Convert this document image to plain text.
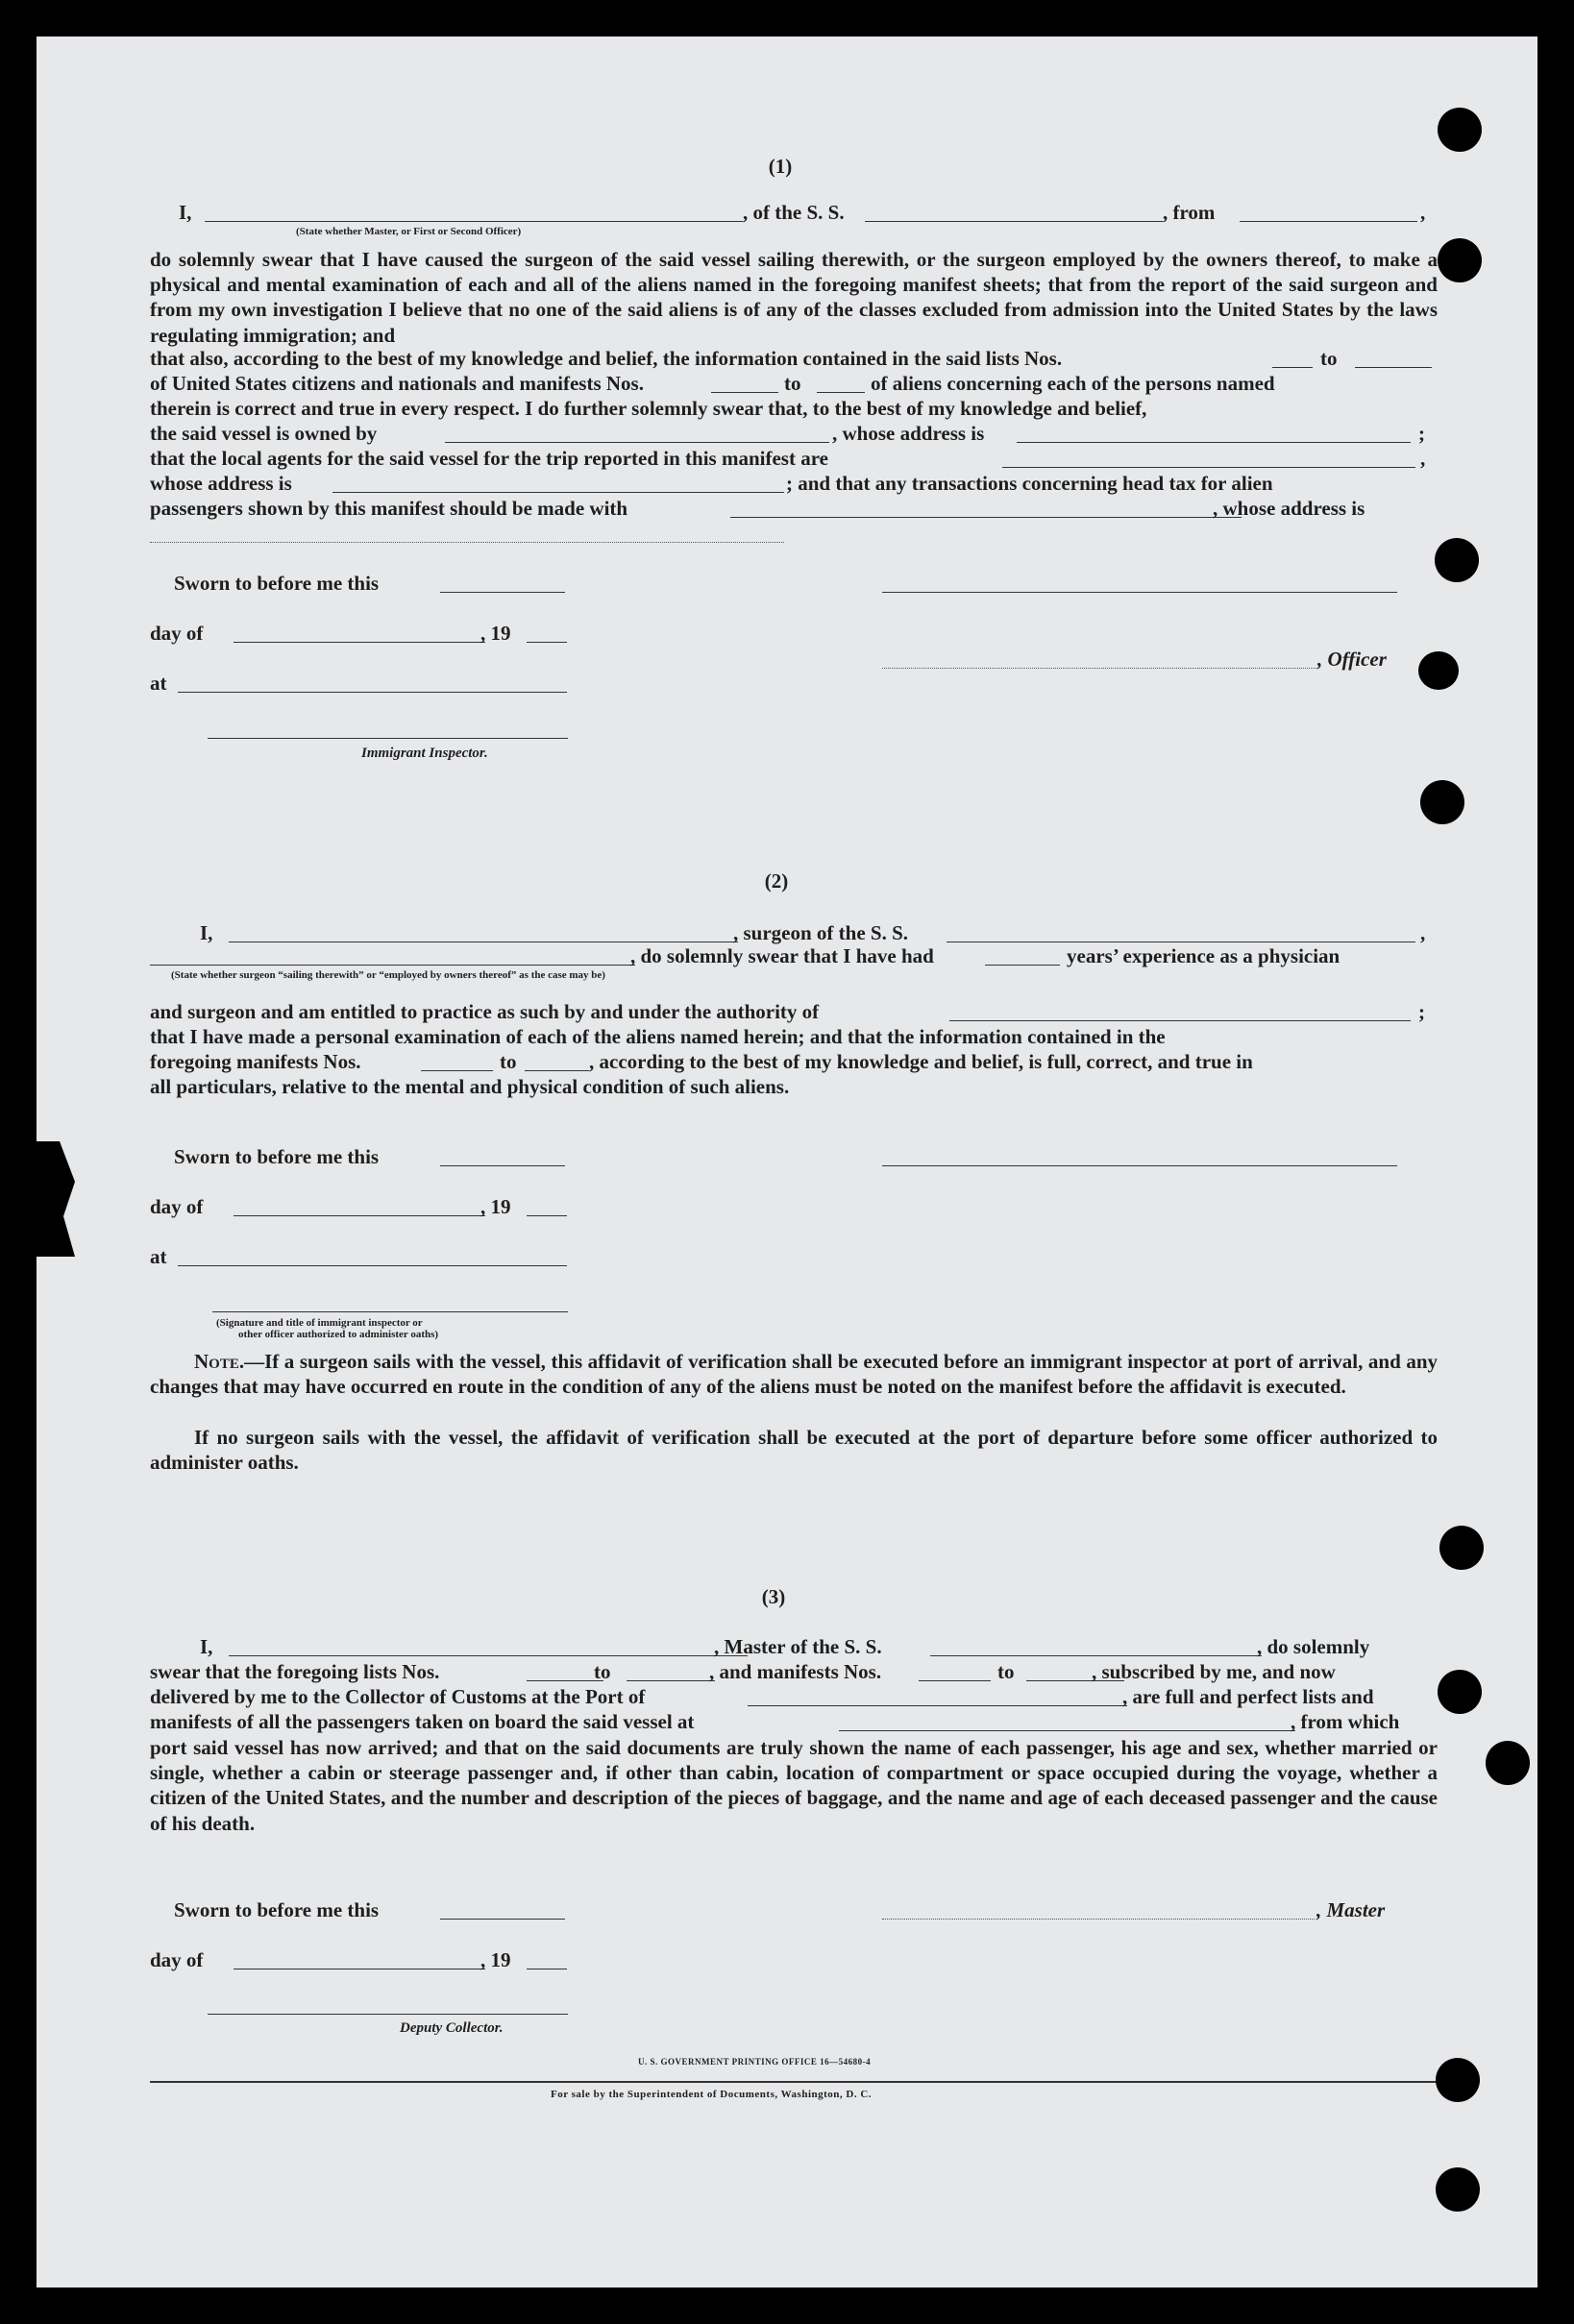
(1)
I,	, of the S. S.	, from	,
(State whether Master, or First or Second Officer)
do solemnly swear that I have caused the surgeon of the said vessel sailing therewith, or the surgeon employed by the owners thereof, to make a physical and mental examination of each and all of the aliens named in the foregoing manifest sheets; that from the report of the said surgeon and from my own investigation I believe that no one of the said aliens is of any of the classes excluded from admission into the United States by the laws regulating immigration; and
that also, according to the best of my knowledge and belief, the information contained in the said lists Nos.	to
of United States citizens and nationals and manifests Nos.	to	of aliens concerning each of the persons named
therein is correct and true in every respect. I do further solemnly swear that, to the best of my knowledge and belief,
the said vessel is owned by	, whose address is	;
that the local agents for the said vessel for the trip reported in this manifest are	,
whose address is	; and that any transactions concerning head tax for alien
passengers shown by this manifest should be made with	, whose address is
Sworn to before me this
day of	, 19
, Officer
at
Immigrant Inspector.
(2)
I,	, surgeon of the S. S.	,
, do solemnly swear that I have had	years’ experience as a physician
(State whether surgeon “sailing therewith” or “employed by owners thereof” as the case may be)
and surgeon and am entitled to practice as such by and under the authority of	;
that I have made a personal examination of each of the aliens named herein; and that the information contained in the
foregoing manifests Nos.	to	, according to the best of my knowledge and belief, is full, correct, and true in
all particulars, relative to the mental and physical condition of such aliens.
Sworn to before me this
day of	, 19
at
(Signature and title of immigrant inspector or
other officer authorized to administer oaths)
Note.—If a surgeon sails with the vessel, this affidavit of verification shall be executed before an immigrant inspector at port of arrival, and any changes that may have occurred en route in the condition of any of the aliens must be noted on the manifest before the affidavit is executed.
If no surgeon sails with the vessel, the affidavit of verification shall be executed at the port of departure before some officer authorized to administer oaths.
(3)
I,	, Master of the S. S.	, do solemnly
swear that the foregoing lists Nos.	to	, and manifests Nos.	to	, subscribed by me, and now
delivered by me to the Collector of Customs at the Port of	, are full and perfect lists and
manifests of all the passengers taken on board the said vessel at	, from which
port said vessel has now arrived; and that on the said documents are truly shown the name of each passenger, his age and sex, whether married or single, whether a cabin or steerage passenger and, if other than cabin, location of compartment or space occupied during the voyage, whether a citizen of the United States, and the number and description of the pieces of baggage, and the name and age of each deceased passenger and the cause of his death.
Sworn to before me this	, Master
day of	, 19
Deputy Collector.
U. S. GOVERNMENT PRINTING OFFICE 16—54680-4
For sale by the Superintendent of Documents, Washington, D. C.
